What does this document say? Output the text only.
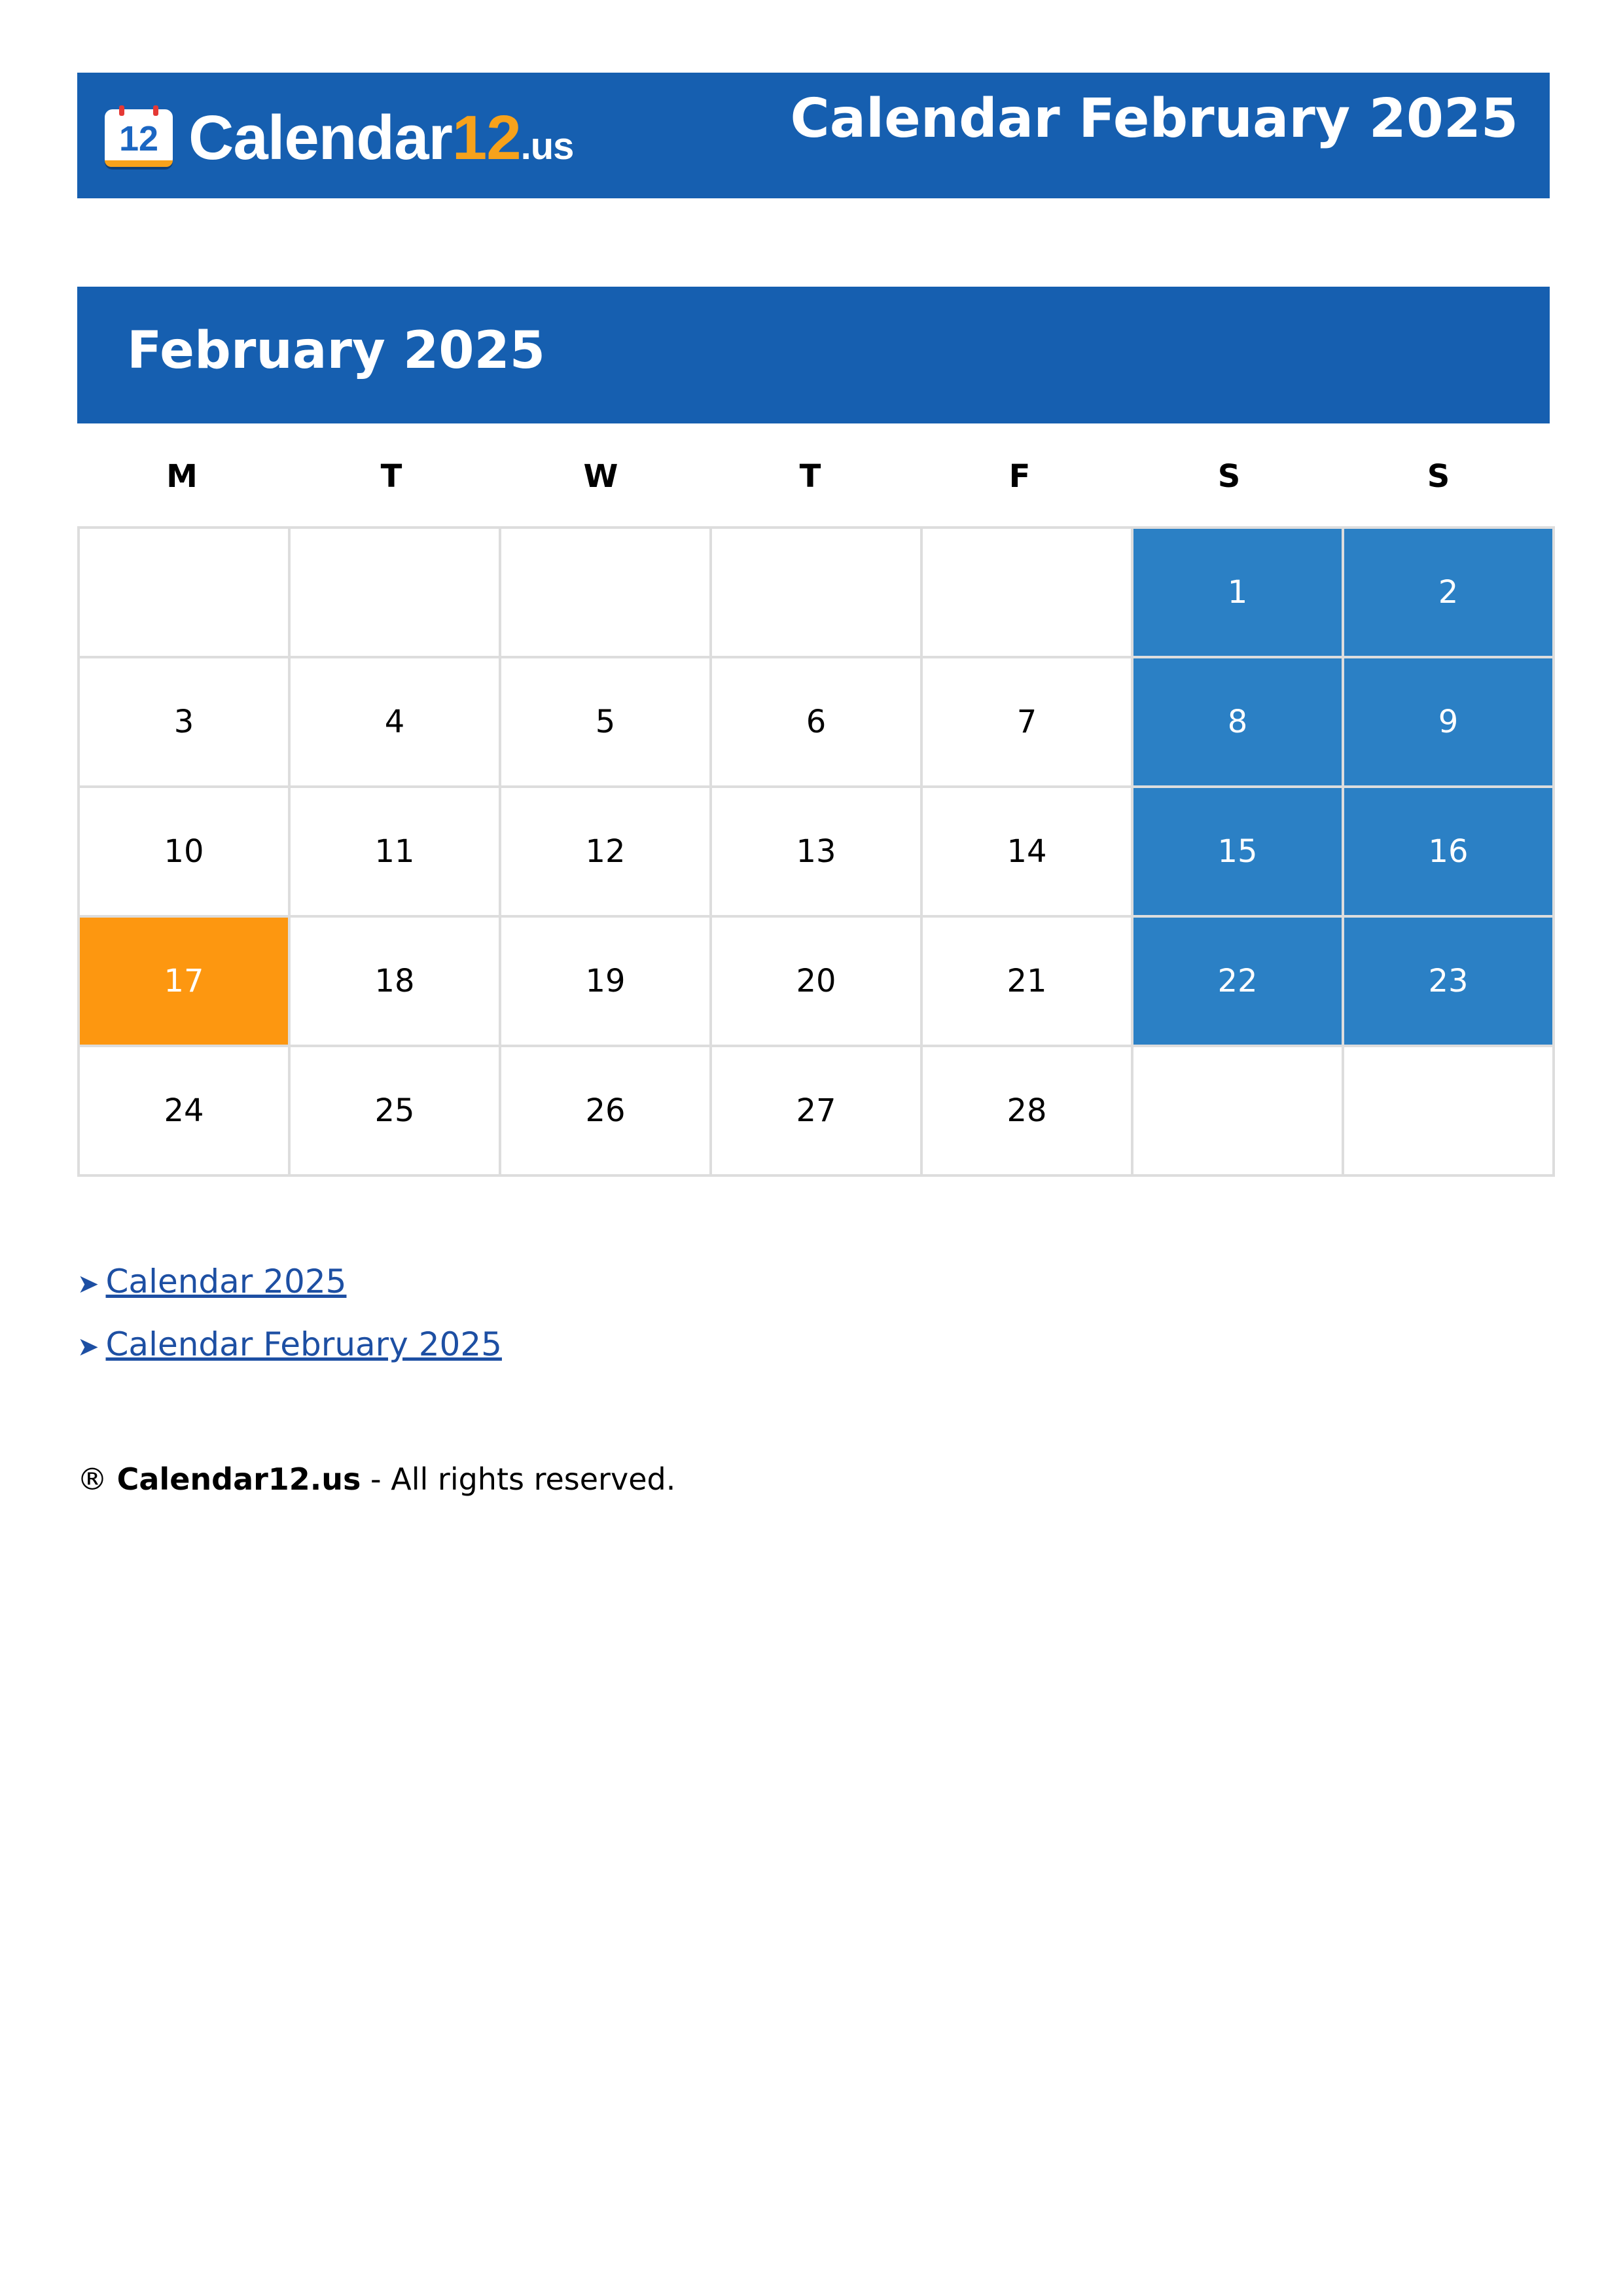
12 Calendar12.us	Calendar February 2025
February 2025
M	T	W	T	F	S	S
					1	2
3	4	5	6	7	8	9
10	11	12	13	14	15	16
17	18	19	20	21	22	23
24	25	26	27	28		
➤ Calendar 2025
➤ Calendar February 2025
® Calendar12.us - All rights reserved.
